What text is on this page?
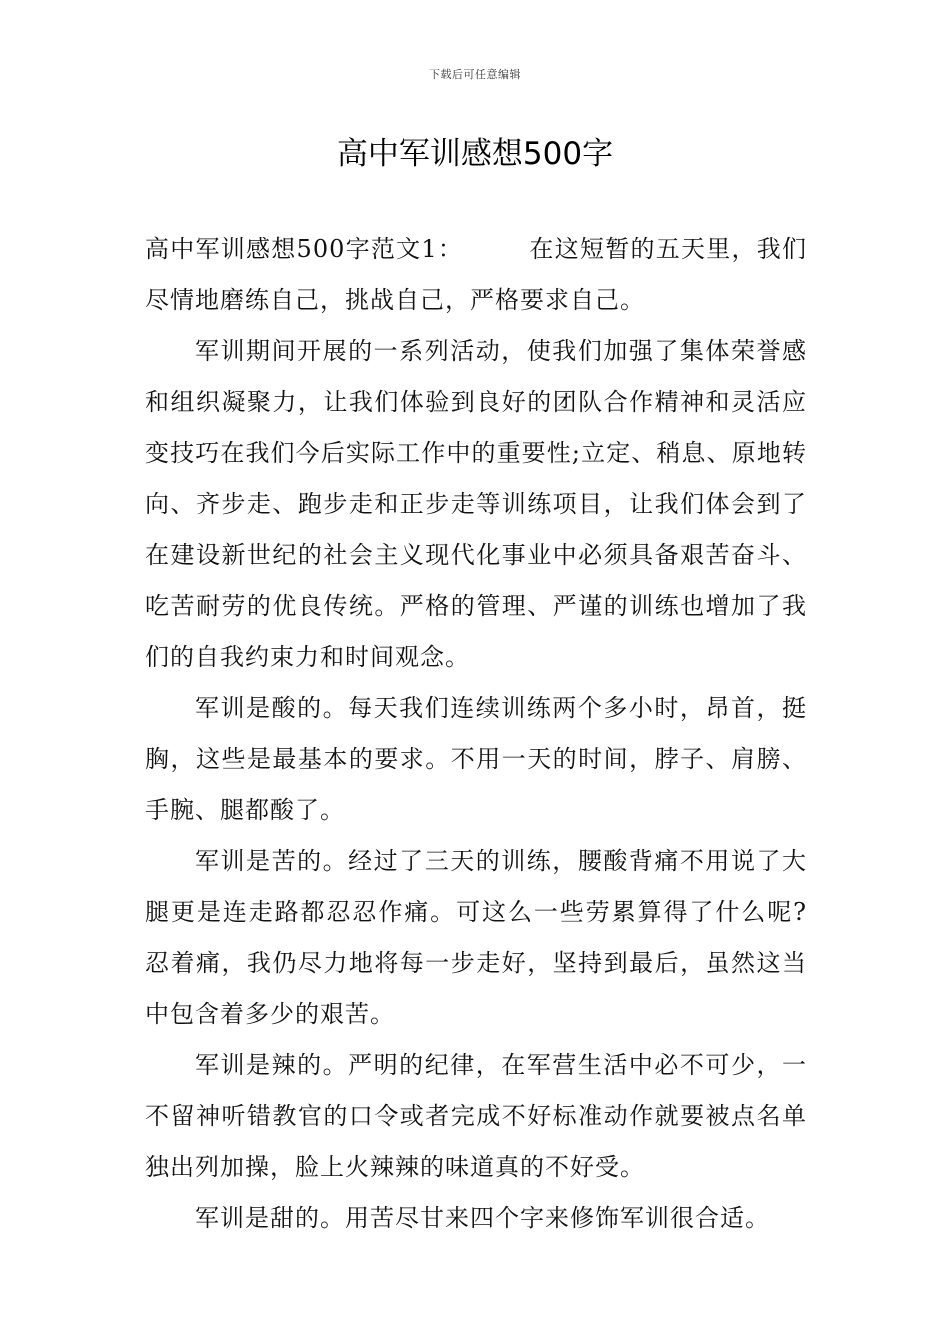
下载后可任意编辑
高中军训感想500字

高中军训感想500字范文1：	在这短暂的五天里，我们尽情地磨练自己，挑战自己，严格要求自己。

军训期间开展的一系列活动，使我们加强了集体荣誉感和组织凝聚力，让我们体验到良好的团队合作精神和灵活应变技巧在我们今后实际工作中的重要性;立定、稍息、原地转向、齐步走、跑步走和正步走等训练项目，让我们体会到了在建设新世纪的社会主义现代化事业中必须具备艰苦奋斗、吃苦耐劳的优良传统。严格的管理、严谨的训练也增加了我们的自我约束力和时间观念。

军训是酸的。每天我们连续训练两个多小时，昂首，挺胸，这些是最基本的要求。不用一天的时间，脖子、肩膀、手腕、腿都酸了。

军训是苦的。经过了三天的训练，腰酸背痛不用说了大腿更是连走路都忍忍作痛。可这么一些劳累算得了什么呢?忍着痛，我仍尽力地将每一步走好，坚持到最后，虽然这当中包含着多少的艰苦。

军训是辣的。严明的纪律，在军营生活中必不可少，一不留神听错教官的口令或者完成不好标准动作就要被点名单独出列加操，脸上火辣辣的味道真的不好受。

军训是甜的。用苦尽甘来四个字来修饰军训很合适。
